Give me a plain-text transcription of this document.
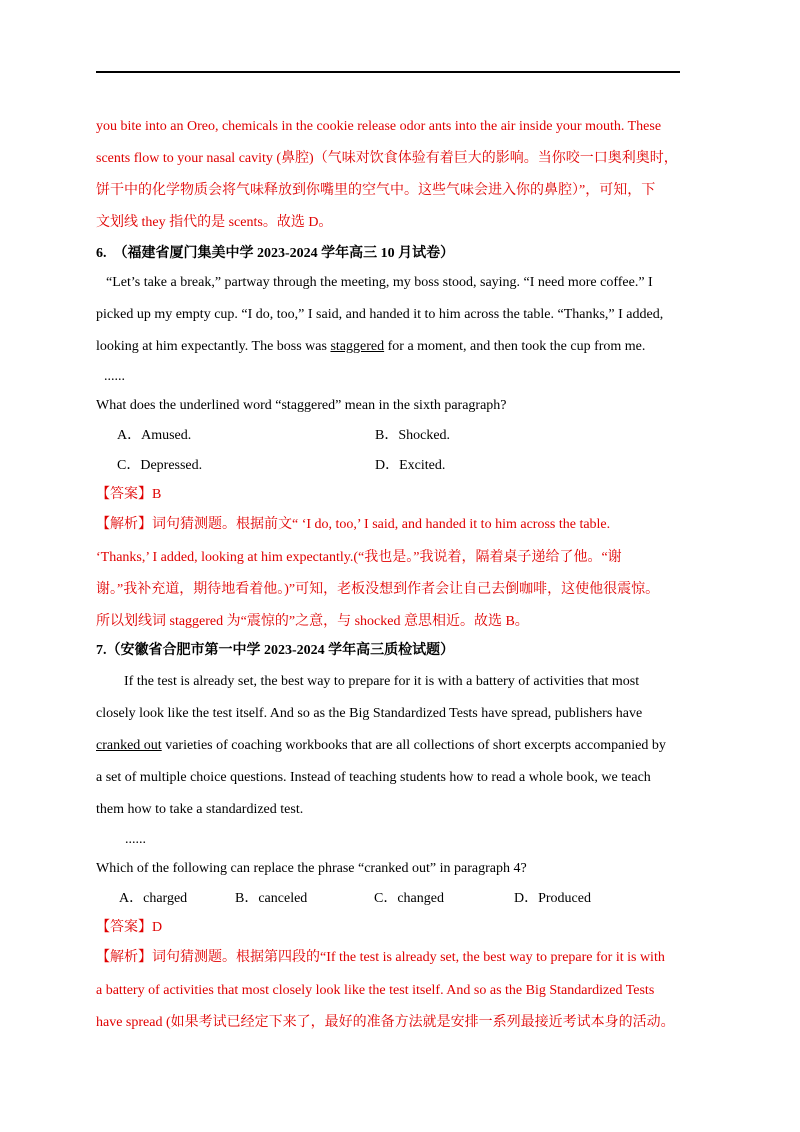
you bite into an Oreo, chemicals in the cookie release odor ants into the air inside your mouth. These
scents flow to your nasal cavity (鼻腔)（气味对饮食体验有着巨大的影响。当你咬一口奥利奥时，
饼干中的化学物质会将气味释放到你嘴里的空气中。这些气味会进入你的鼻腔）”，可知，下
文划线 they 指代的是 scents。故选 D。
6.　（福建省厦门集美中学 2023-2024 学年高三 10 月试卷）
“Let’s take a break,” partway through the meeting, my boss stood, saying. “I need more coffee.” I
picked up my empty cup. “I do, too,” I said, and handed it to him across the table. “Thanks,” I added,
looking at him expectantly. The boss was staggered for a moment, and then took the cup from me.
......
What does the underlined word “staggered” mean in the sixth paragraph?
A．Amused.	B．Shocked.
C．Depressed.	D．Excited.
【答案】B
【解析】词句猜测题。根据前文“ ‘I do, too,’ I said, and handed it to him across the table.
‘Thanks,’ I added, looking at him expectantly.(“我也是。”我说着，隔着桌子递给了他。“谢
谢。”我补充道，期待地看着他。)”可知，老板没想到作者会让自己去倒咖啡，这使他很震惊。
所以划线词 staggered 为“震惊的”之意，与 shocked 意思相近。故选 B。
7.（安徽省合肥市第一中学 2023-2024 学年高三质检试题）
If the test is already set, the best way to prepare for it is with a battery of activities that most
closely look like the test itself. And so as the Big Standardized Tests have spread, publishers have
cranked out varieties of coaching workbooks that are all collections of short excerpts accompanied by
a set of multiple choice questions. Instead of teaching students how to read a whole book, we teach
them how to take a standardized test.
......
Which of the following can replace the phrase “cranked out” in paragraph 4?
A．charged	B．canceled	C．changed	D．Produced
【答案】D
【解析】词句猜测题。根据第四段的“If the test is already set, the best way to prepare for it is with
a battery of activities that most closely look like the test itself. And so as the Big Standardized Tests
have spread (如果考试已经定下来了，最好的准备方法就是安排一系列最接近考试本身的活动。
